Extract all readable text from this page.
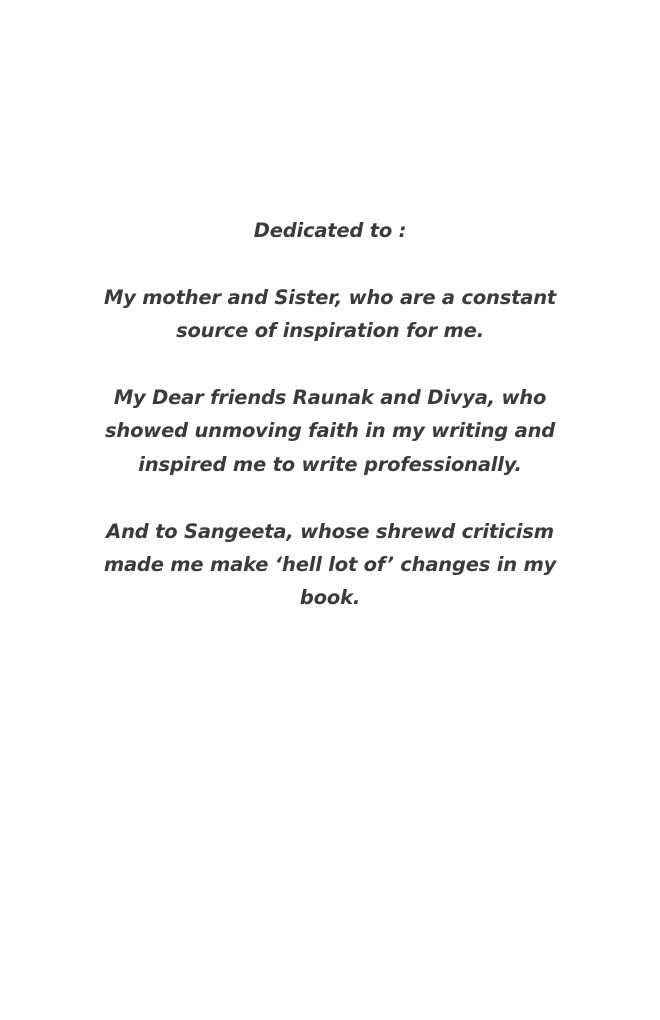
Dedicated to :
My mother and Sister, who are a constant
source of inspiration for me.
My Dear friends Raunak and Divya, who
showed unmoving faith in my writing and
inspired me to write professionally.
And to Sangeeta, whose shrewd criticism
made me make ‘hell lot of’ changes in my
book.
